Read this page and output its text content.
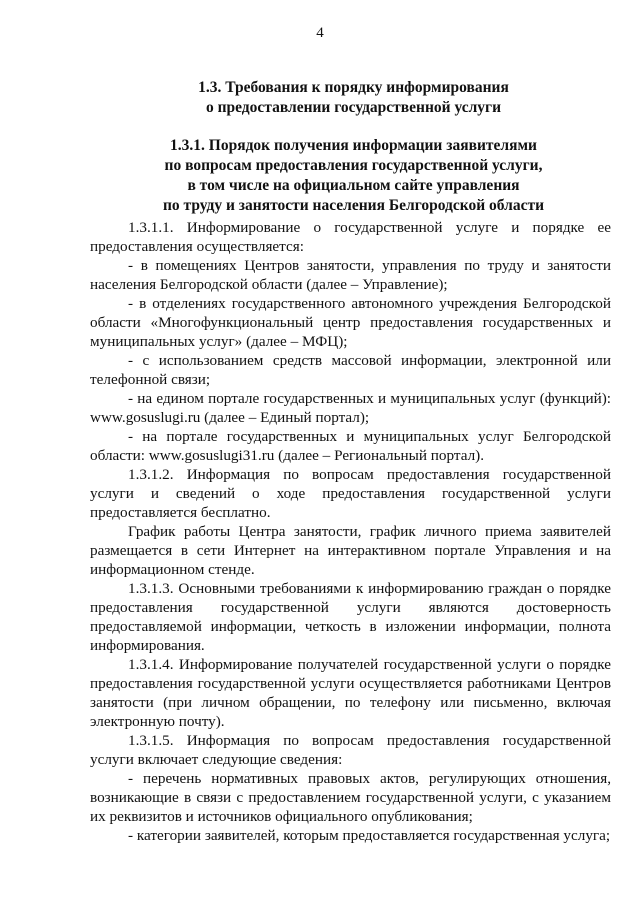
4
1.3. Требования к порядку информирования
о предоставлении государственной услуги
1.3.1. Порядок получения информации заявителями
по вопросам предоставления государственной услуги,
в том числе на официальном сайте управления
по труду и занятости населения Белгородской области

1.3.1.1. Информирование о государственной услуге и порядке ее предоставления осуществляется:

- в помещениях Центров занятости, управления по труду и занятости населения Белгородской области (далее – Управление);

- в отделениях государственного автономного учреждения Белгородской области «Многофункциональный центр предоставления государственных и муниципальных услуг» (далее – МФЦ);

- с использованием средств массовой информации, электронной или телефонной связи;

- на едином портале государственных и муниципальных услуг (функций): www.gosuslugi.ru (далее – Единый портал);

- на портале государственных и муниципальных услуг Белгородской области: www.gosuslugi31.ru (далее – Региональный портал).

1.3.1.2. Информация по вопросам предоставления государственной услуги и сведений о ходе предоставления государственной услуги предоставляется бесплатно.

График работы Центра занятости, график личного приема заявителей размещается в сети Интернет на интерактивном портале Управления и на информационном стенде.

1.3.1.3. Основными требованиями к информированию граждан о порядке предоставления государственной услуги являются достоверность предоставляемой информации, четкость в изложении информации, полнота информирования.

1.3.1.4. Информирование получателей государственной услуги о порядке предоставления государственной услуги осуществляется работниками Центров занятости (при личном обращении, по телефону или письменно, включая электронную почту).

1.3.1.5. Информация по вопросам предоставления государственной услуги включает следующие сведения:

- перечень нормативных правовых актов, регулирующих отношения, возникающие в связи с предоставлением государственной услуги, с указанием их реквизитов и источников официального опубликования;

- категории заявителей, которым предоставляется государственная услуга;
